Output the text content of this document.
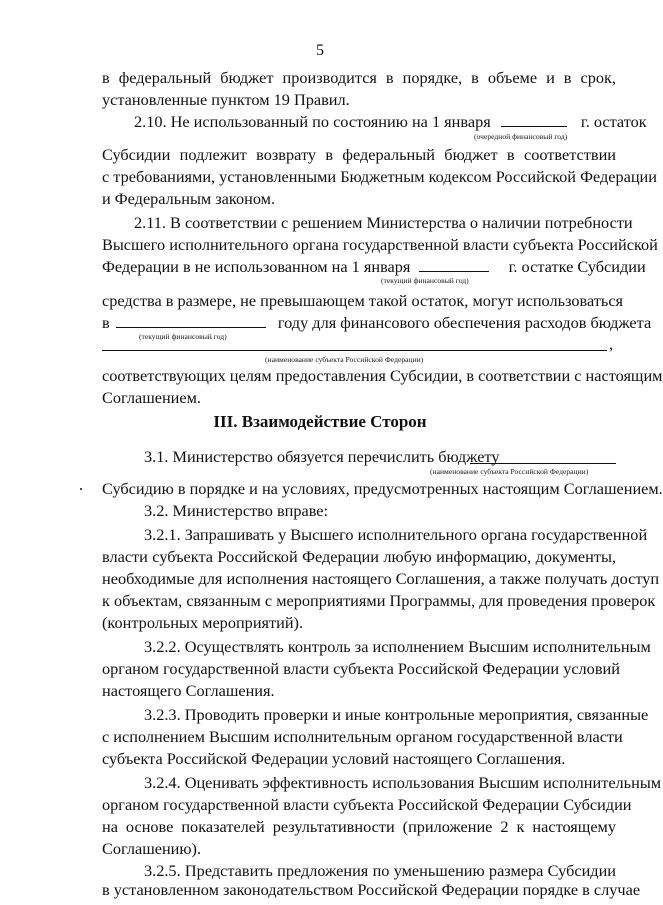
5
в федеральный бюджет производится в порядке, в объеме и в срок,
установленные пунктом 19 Правил.
2.10. Не использованный по состоянию на 1 января	г. остаток
(очередной финансовый год)
Субсидии подлежит возврату в федеральный бюджет в соответствии
с требованиями, установленными Бюджетным кодексом Российской Федерации
и Федеральным законом.
2.11. В соответствии с решением Министерства о наличии потребности
Высшего исполнительного органа государственной власти субъекта Российской
Федерации в не использованном на 1 января	г. остатке Субсидии
(текущий финансовый год)
средства в размере, не превышающем такой остаток, могут использоваться
в	году для финансового обеспечения расходов бюджета
(текущий финансовый год)	,
(наименование субъекта Российской Федерации)
соответствующих целям предоставления Субсидии, в соответствии с настоящим
Соглашением.
III. Взаимодействие Сторон
3.1. Министерство обязуется перечислить бюджету
(наименование субъекта Российской Федерации)
Субсидию в порядке и на условиях, предусмотренных настоящим Соглашением.
3.2. Министерство вправе:
3.2.1. Запрашивать у Высшего исполнительного органа государственной
власти субъекта Российской Федерации любую информацию, документы,
необходимые для исполнения настоящего Соглашения, а также получать доступ
к объектам, связанным с мероприятиями Программы, для проведения проверок
(контрольных мероприятий).
3.2.2. Осуществлять контроль за исполнением Высшим исполнительным
органом государственной власти субъекта Российской Федерации условий
настоящего Соглашения.
3.2.3. Проводить проверки и иные контрольные мероприятия, связанные
с исполнением Высшим исполнительным органом государственной власти
субъекта Российской Федерации условий настоящего Соглашения.
3.2.4. Оценивать эффективность использования Высшим исполнительным
органом государственной власти субъекта Российской Федерации Субсидии
на основе показателей результативности (приложение 2 к настоящему
Соглашению).
3.2.5. Представить предложения по уменьшению размера Субсидии
в установленном законодательством Российской Федерации порядке в случае
